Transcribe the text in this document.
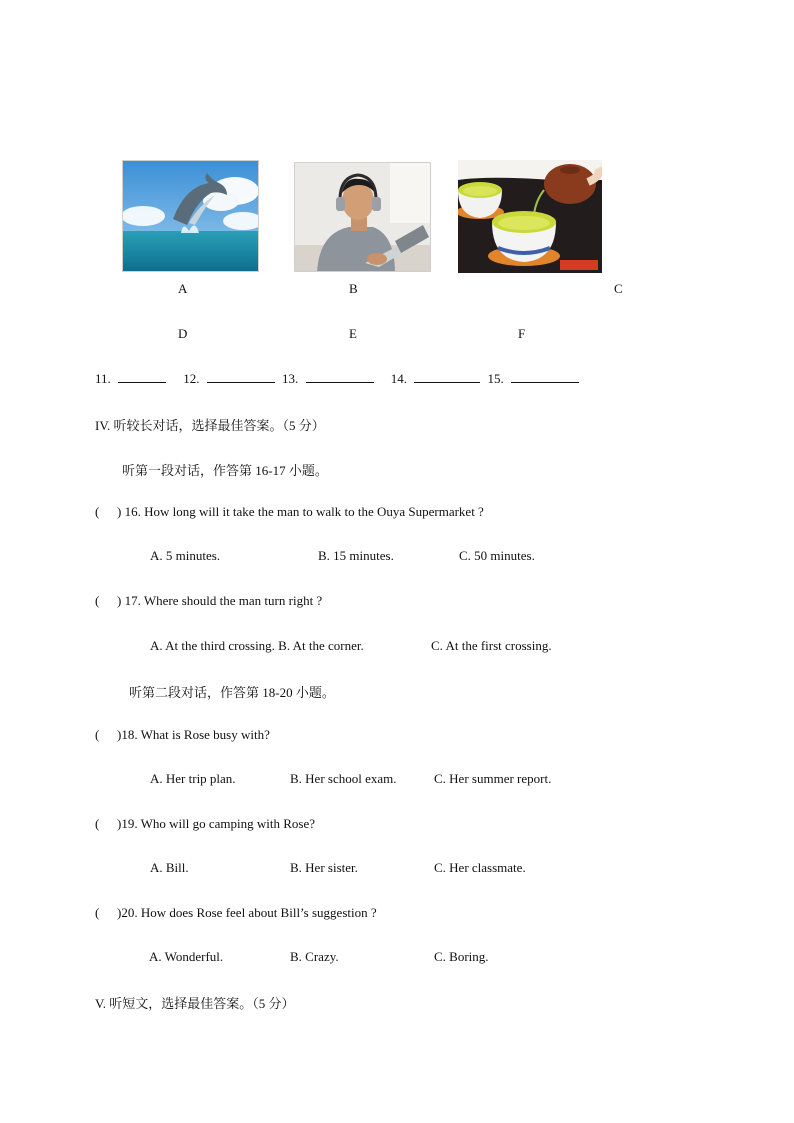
A	B	C
D	E	F
11.	12.	13.	14.	15.
IV. 听较长对话，选择最佳答案。（5 分）
听第一段对话，作答第 16-17 小题。
( ) 16. How long will it take the man to walk to the Ouya Supermarket ?
A. 5 minutes.	B. 15 minutes.	C. 50 minutes.
( ) 17. Where should the man turn right ?
A. At the third crossing. B. At the corner.	C. At the first crossing.
听第二段对话，作答第 18-20 小题。
( )18. What is Rose busy with?
A. Her trip plan.	B. Her school exam.	C. Her summer report.
( )19. Who will go camping with Rose?
A. Bill.	B. Her sister.	C. Her classmate.
( )20. How does Rose feel about Bill’s suggestion ?
A. Wonderful.	B. Crazy.	C. Boring.
V. 听短文，选择最佳答案。（5 分）
